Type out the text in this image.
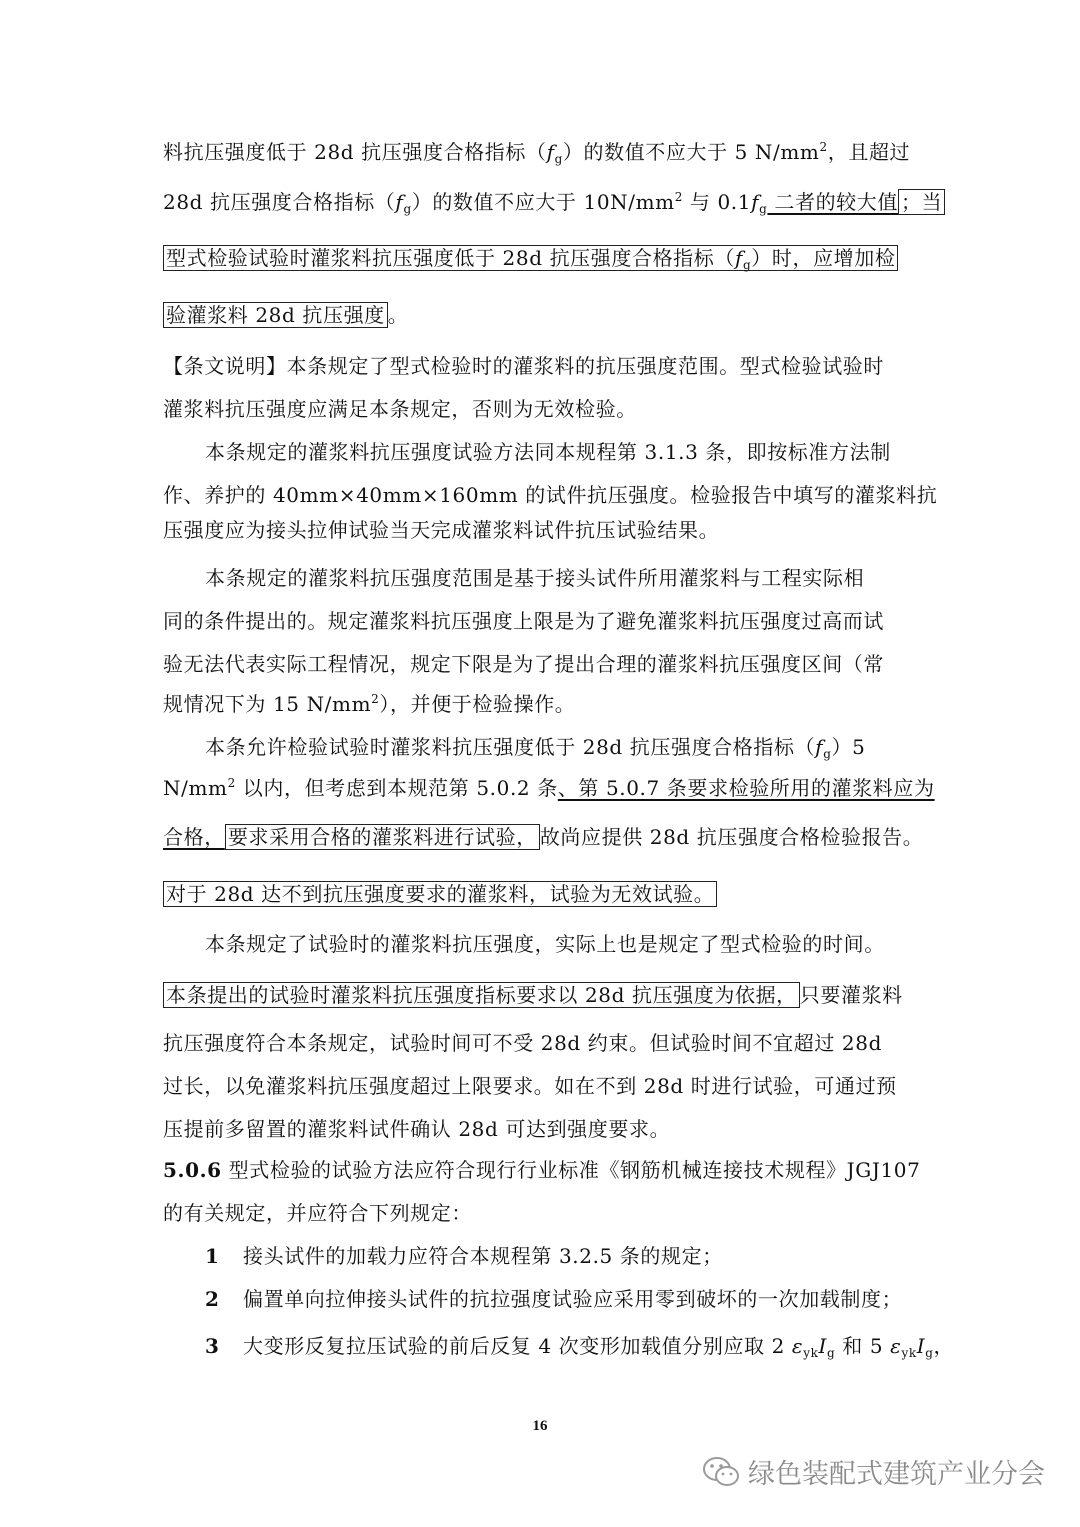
料抗压强度低于 28d 抗压强度合格指标$(f_g)$的数值不应大于 5 $N/mm^2$，且超过
28d 抗压强度合格指标$(f_g)$的数值不应大于 $10N/mm^2$ 与 $0.1f_g$ 二者的较大值 ；当
型式检验试验时灌浆料抗压强度低于 28d 抗压强度合格指标$(f_g)$时，应增加检
验灌浆料 28d 抗压强度 。
【条文说明】本条规定了型式检验时的灌浆料的抗压强度范围。型式检验试验时
灌浆料抗压强度应满足本条规定，否则为无效检验。
本条规定的灌浆料抗压强度试验方法同本规程第 3.1.3 条，即按标准方法制
作、养护的 40mm×40mm×160mm 的试件抗压强度。检验报告中填写的灌浆料抗
压强度应为接头拉伸试验当天完成灌浆料试件抗压试验结果。
本条规定的灌浆料抗压强度范围是基于接头试件所用灌浆料与工程实际相
同的条件提出的。规定灌浆料抗压强度上限是为了避免灌浆料抗压强度过高而试
验无法代表实际工程情况，规定下限是为了提出合理的灌浆料抗压强度区间（常
规情况下为 15 $N/mm^2$），并便于检验操作。
本条允许检验试验时灌浆料抗压强度低于 28d 抗压强度合格指标$(f_g)5$
$N/mm^2$ 以内，但考虑到本规范第 5.0.2 条、第 5.0.7 条要求检验所用的灌浆料应为
合格， 要求采用合格的灌浆料进行试验， 故尚应提供 28d 抗压强度合格检验报告。
对于 28d 达不到抗压强度要求的灌浆料，试验为无效试验。
本条规定了试验时的灌浆料抗压强度，实际上也是规定了型式检验的时间。
本条提出的试验时灌浆料抗压强度指标要求以 28d 抗压强度为依据， 只要灌浆料
抗压强度符合本条规定，试验时间可不受 28d 约束。但试验时间不宜超过 28d
过长，以免灌浆料抗压强度超过上限要求。如在不到 28d 时进行试验，可通过预
压提前多留置的灌浆料试件确认 28d 可达到强度要求。
5.0.6 型式检验的试验方法应符合现行行业标准《钢筋机械连接技术规程》JGJ107
的有关规定，并应符合下列规定：
1 接头试件的加载力应符合本规程第 3.2.5 条的规定；
2 偏置单向拉伸接头试件的抗拉强度试验应采用零到破坏的一次加载制度；
3 大变形反复拉压试验的前后反复 4 次变形加载值分别应取 2 $\varepsilon_{yk}I_g$ 和 5 $\varepsilon_{yk}I_g$，
16
绿色装配式建筑产业分会
